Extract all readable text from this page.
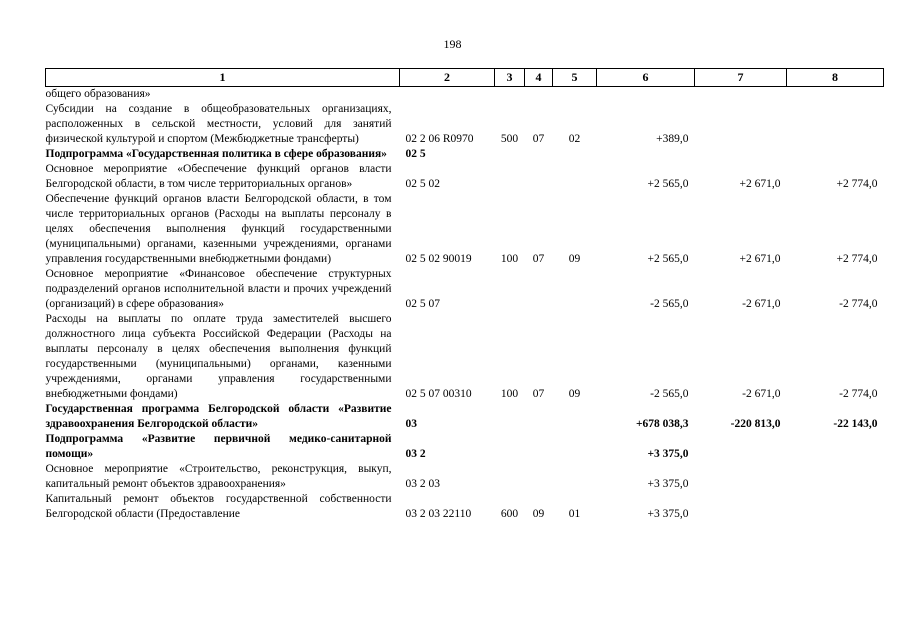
198
1	2	3	4	5	6	7	8
общего образования»							
Субсидии на создание в общеобразовательных организациях, расположенных в сельской местности, условий для занятий физической культурой и спортом (Межбюджетные трансферты)	02 2 06 R0970	500	07	02	+389,0		
Подпрограмма «Государственная политика в сфере образования»	02 5						
Основное мероприятие «Обеспечение функций органов власти Белгородской области, в том числе территориальных органов»	02 5 02				+2 565,0	+2 671,0	+2 774,0
Обеспечение функций органов власти Белгородской области, в том числе территориальных органов (Расходы на выплаты персоналу в целях обеспечения выполнения функций государственными (муниципальными) органами, казенными учреждениями, органами управления государственными внебюджетными фондами)	02 5 02 90019	100	07	09	+2 565,0	+2 671,0	+2 774,0
Основное мероприятие «Финансовое обеспечение структурных подразделений органов исполнительной власти и прочих учреждений (организаций) в сфере образования»	02 5 07				-2 565,0	-2 671,0	-2 774,0
Расходы на выплаты по оплате труда заместителей высшего должностного лица субъекта Российской Федерации (Расходы на выплаты персоналу в целях обеспечения выполнения функций государственными (муниципальными) органами, казенными учреждениями, органами управления государственными внебюджетными фондами)	02 5 07 00310	100	07	09	-2 565,0	-2 671,0	-2 774,0
Государственная программа Белгородской области «Развитие здравоохранения Белгородской области»	03				+678 038,3	-220 813,0	-22 143,0
Подпрограмма «Развитие первичной медико-санитарной помощи»	03 2				+3 375,0		
Основное мероприятие «Строительство, реконструкция, выкуп, капитальный ремонт объектов здравоохранения»	03 2 03				+3 375,0		
Капитальный ремонт объектов государственной собственности Белгородской области (Предоставление	03 2 03 22110	600	09	01	+3 375,0		
